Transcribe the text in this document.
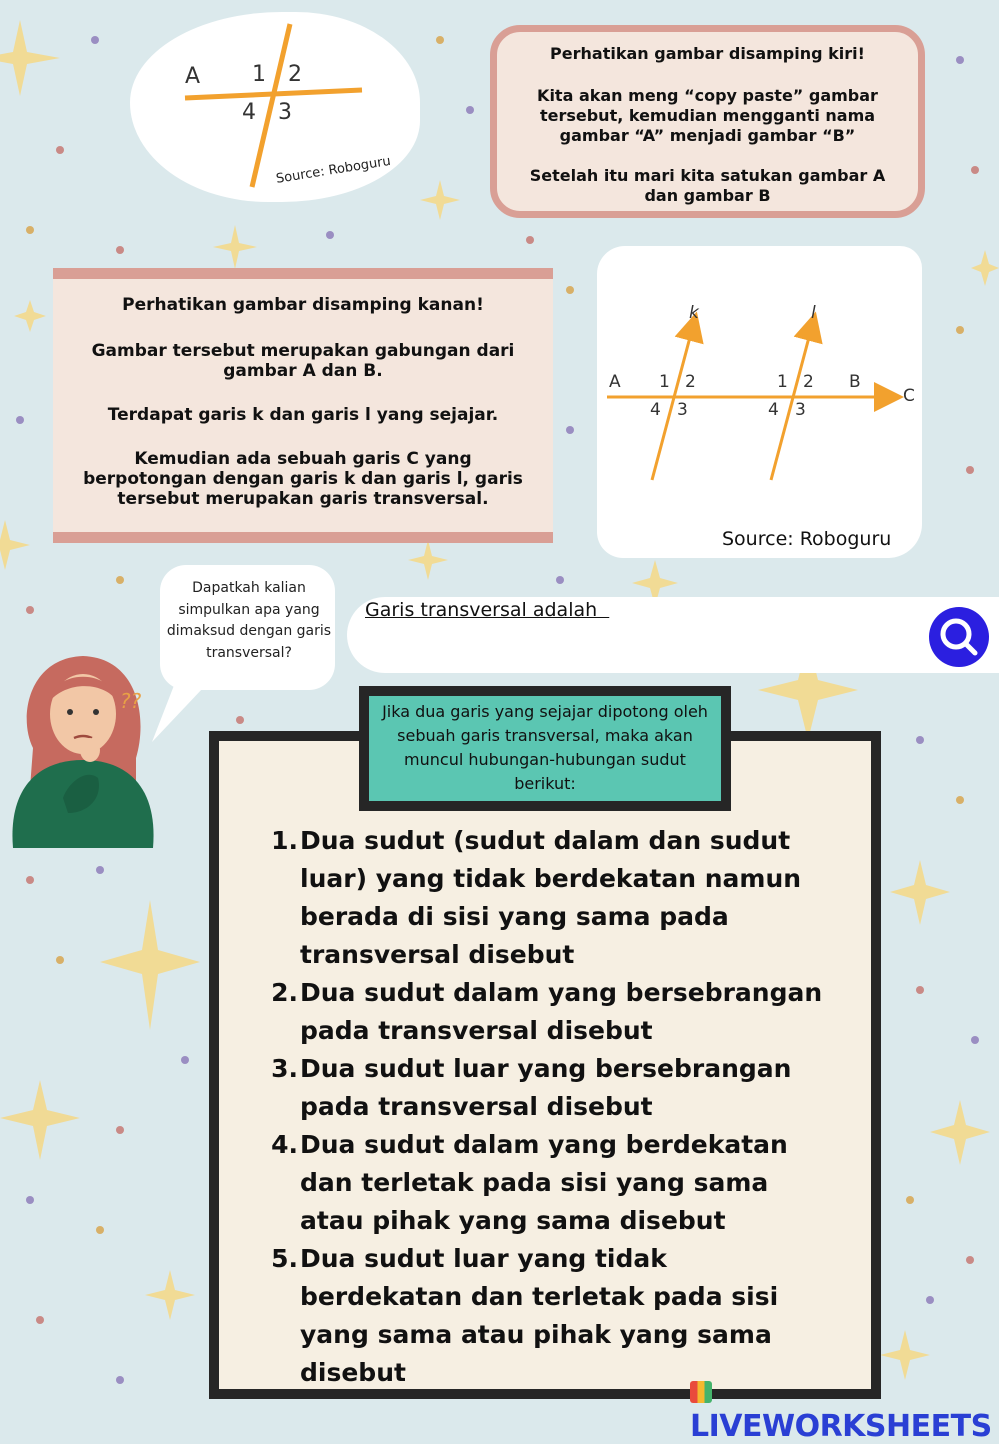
A 1 2
4 3
Source: Roboguru

Perhatikan gambar disamping kiri!

Kita akan meng “copy paste” gambar tersebut, kemudian mengganti nama gambar “A” menjadi gambar “B”

Setelah itu mari kita satukan gambar A dan gambar B

Perhatikan gambar disamping kanan!

Gambar tersebut merupakan gabungan dari gambar A dan B.

Terdapat garis k dan garis l yang sejajar.

Kemudian ada sebuah garis C yang berpotongan dengan garis k dan garis l, garis tersebut merupakan garis transversal.

k	l
A	B
C
1 2
4 3
1 2
4 3
Source: Roboguru
??
Dapatkah kalian simpulkan apa yang dimaksud dengan garis transversal?
Garis transversal adalah
Jika dua garis yang sejajar dipotong oleh sebuah garis transversal, maka akan muncul hubungan-hubungan sudut berikut:
1. Dua sudut (sudut dalam dan sudut luar) yang tidak berdekatan namun berada di sisi yang sama pada transversal disebut
2. Dua sudut dalam yang bersebrangan pada transversal disebut
3. Dua sudut luar yang bersebrangan pada transversal disebut
4. Dua sudut dalam yang berdekatan dan terletak pada sisi yang sama atau pihak yang sama disebut
5. Dua sudut luar yang tidak berdekatan dan terletak pada sisi yang sama atau pihak yang sama disebut
LIVEWORKSHEETS
